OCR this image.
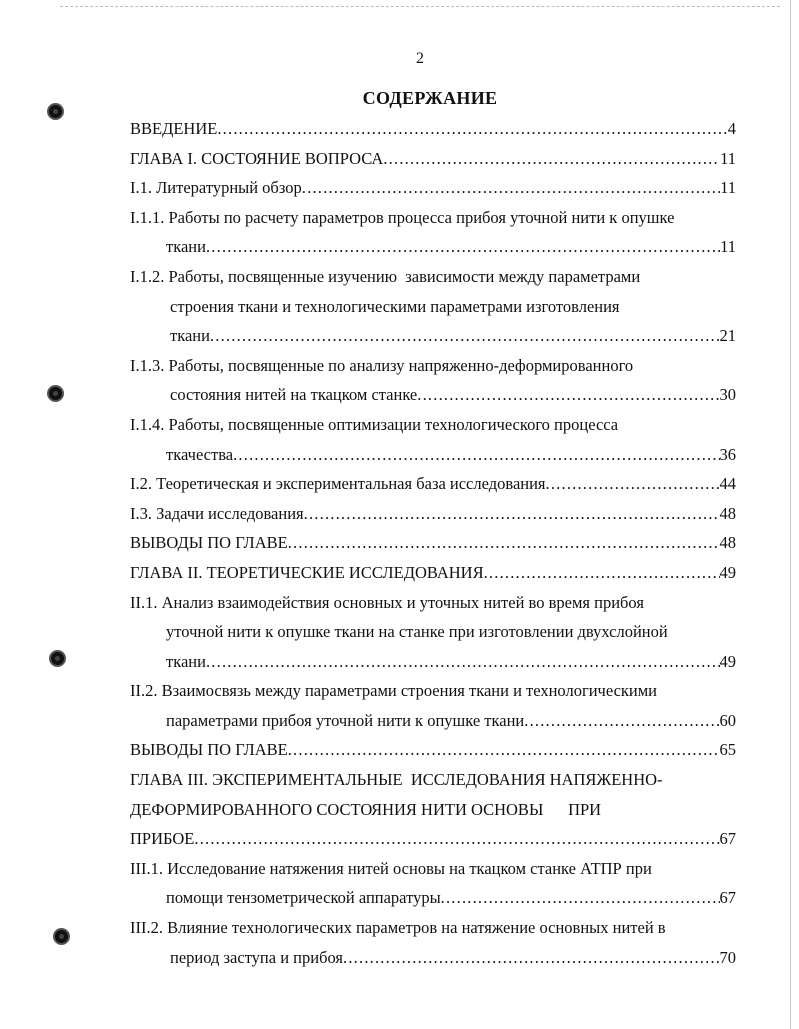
2
СОДЕРЖАНИЕ
ВВЕДЕНИЕ .....	4
ГЛАВА I. СОСТОЯНИЕ ВОПРОСА .....	11
I.1. Литературный обзор .....	11
I.1.1. Работы по расчету параметров процесса прибоя уточной нити к опушке
ткани .....	11
I.1.2. Работы, посвященные изучению  зависимости между параметрами
строения ткани и технологическими параметрами изготовления
ткани .....	21
I.1.3. Работы, посвященные по анализу напряженно-деформированного
состояния нитей на ткацком станке .....	30
I.1.4. Работы, посвященные оптимизации технологического процесса
ткачества .....	36
I.2. Теоретическая и экспериментальная база исследования .....	44
I.3. Задачи исследования .....	48
ВЫВОДЫ ПО ГЛАВЕ .....	48
ГЛАВА II. ТЕОРЕТИЧЕСКИЕ ИССЛЕДОВАНИЯ .....	49
II.1. Анализ взаимодействия основных и уточных нитей во время прибоя
уточной нити к опушке ткани на станке при изготовлении двухслойной
ткани .....	49
II.2. Взаимосвязь между параметрами строения ткани и технологическими
параметрами прибоя уточной нити к опушке ткани .....	60
ВЫВОДЫ ПО ГЛАВЕ .....	65
ГЛАВА III. ЭКСПЕРИМЕНТАЛЬНЫЕ  ИССЛЕДОВАНИЯ НАПЯЖЕННО-
ДЕФОРМИРОВАННОГО СОСТОЯНИЯ НИТИ ОСНОВЫ      ПРИ
ПРИБОЕ .....	67
III.1. Исследование натяжения нитей основы на ткацком станке АТПР при
помощи тензометрической аппаратуры .....	67
III.2. Влияние технологических параметров на натяжение основных нитей в
период заступа и прибоя .....	70
